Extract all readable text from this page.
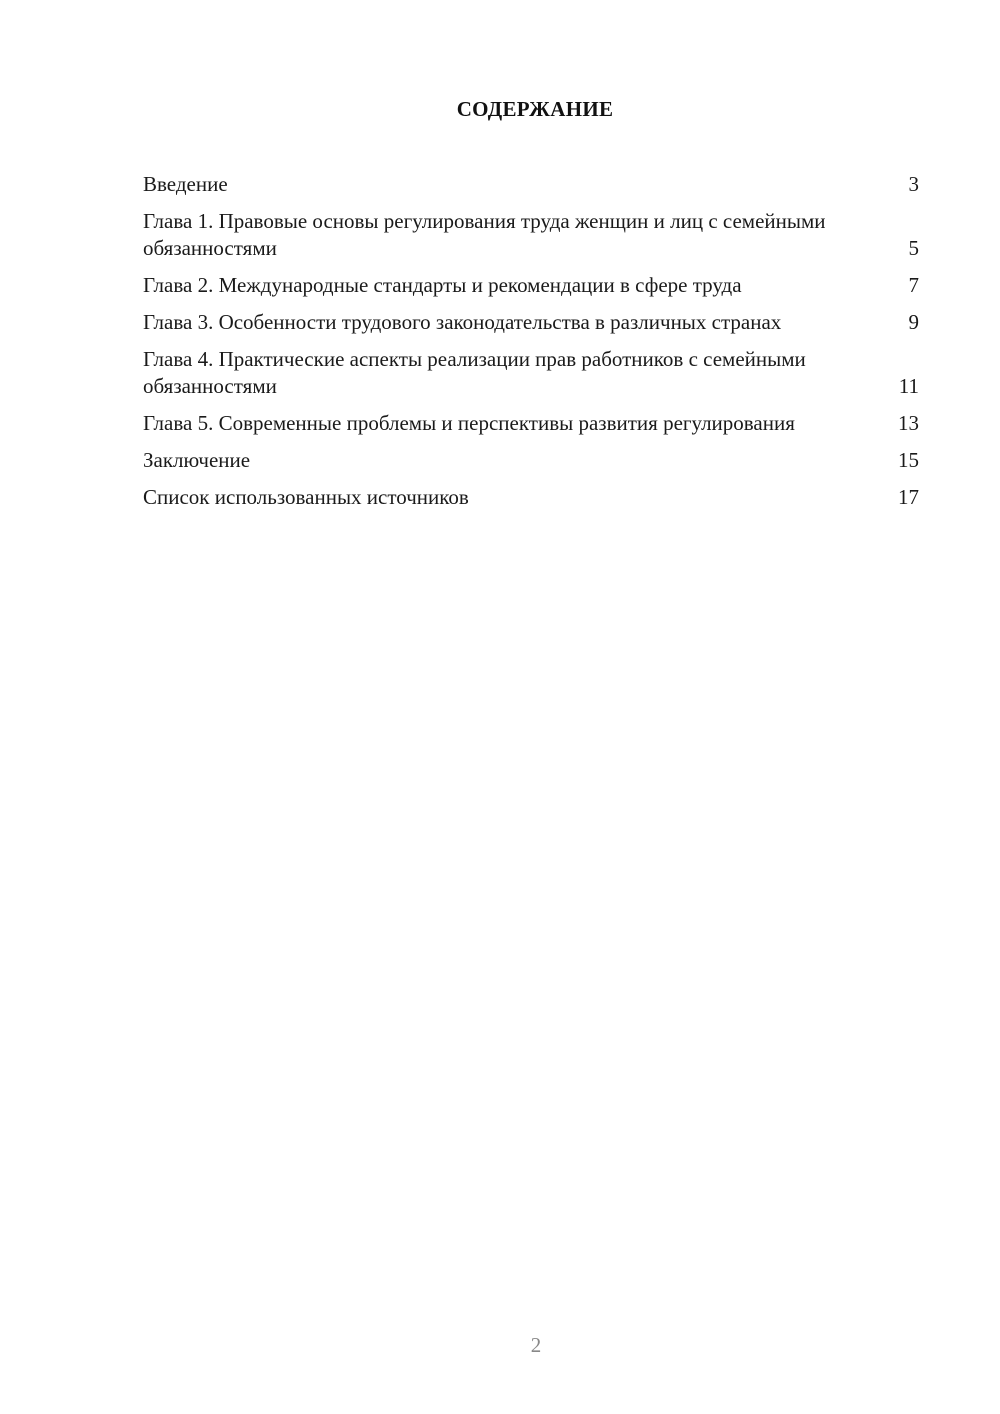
СОДЕРЖАНИЕ
Введение	3
Глава 1. Правовые основы регулирования труда женщин и лиц с семейными обязанностями	5
Глава 2. Международные стандарты и рекомендации в сфере труда	7
Глава 3. Особенности трудового законодательства в различных странах	9
Глава 4. Практические аспекты реализации прав работников с семейными обязанностями	11
Глава 5. Современные проблемы и перспективы развития регулирования	13
Заключение	15
Список использованных источников	17
2
